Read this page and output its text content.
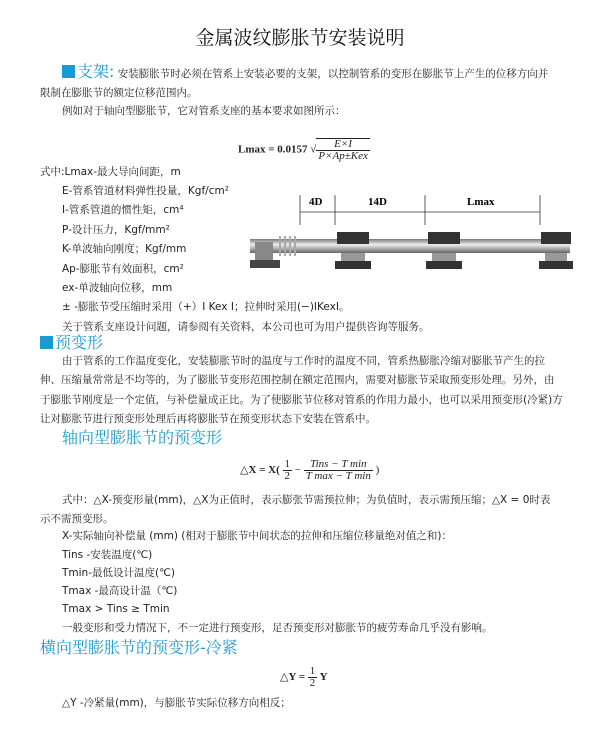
金属波纹膨胀节安装说明
支架: 安装膨胀节时必须在管系上安装必要的支架，以控制管系的变形在膨胀节上产生的位移方向并
限制在膨胀节的额定位移范围内。
例如对于轴向型膨胀节，它对管系支座的基本要求如图所示：
Lmax = 0.0157 √ $\frac{E\times I}{\text{P×Ap±Kex}}$
式中:Lmax-最大导向间距，m
E-管系管道材料弹性投量，Kgf/cm²
I-管系管道的惯性矩，cm⁴
P-设计压力，Kgf/mm²
K-单波轴向刚度；Kgf/mm
Ap-膨胀节有效面积，cm²
ex-单波轴向位移，mm
± -膨胀节受压缩时采用（+）I Kex I；拉伸时采用(−)IKexI。
关于管系支座设计问题，请参阅有关资料，本公司也可为用户提供咨询等服务。
4D	14D	Lmax
预变形
由于管系的工作温度变化，安装膨胀节时的温度与工作时的温度不同，管系热膨胀冷缩对膨胀节产生的拉
伸、压缩量常常是不均等的，为了膨胀节变形范围控制在额定范围内，需要对膨胀节采取预变形处理。另外，由
于膨胀节刚度是一个定值，与补偿量成正比。为了使膨胀节位移对管系的作用力最小，也可以采用预变形(冷紧)方
让对膨胀节进行预变形处理后再将膨胀节在预变形状态下安装在管系中。
轴向型膨胀节的预变形
△X = $X( \frac{1}{2} - \frac{\text{Tins − T min}}{\text{T max − T min}}$ )
式中：△X-预变形量(mm)，△X为正值时，表示膨张节需预拉伸；为负值时，表示需预压缩；△X = 0时表
示不需预变形。
X-实际轴向补偿量 (mm) (相对于膨胀节中间状态的拉伸和压缩位移量绝对值之和)：
Tins -安装温度(℃)
Tmin-最低设计温度(℃)
Tmax -最高设计温（℃)
Tmax > Tins ≥ Tmin
一般变形和受力情况下，不一定进行预变形，足否预变形对膨胀节的疲劳寿命几乎没有影响。
横向型膨胀节的预变形-冷紧
△Y = $\frac{1}{2}$ Y
△Y -冷紧量(mm)，与膨胀节实际位移方向相反；
